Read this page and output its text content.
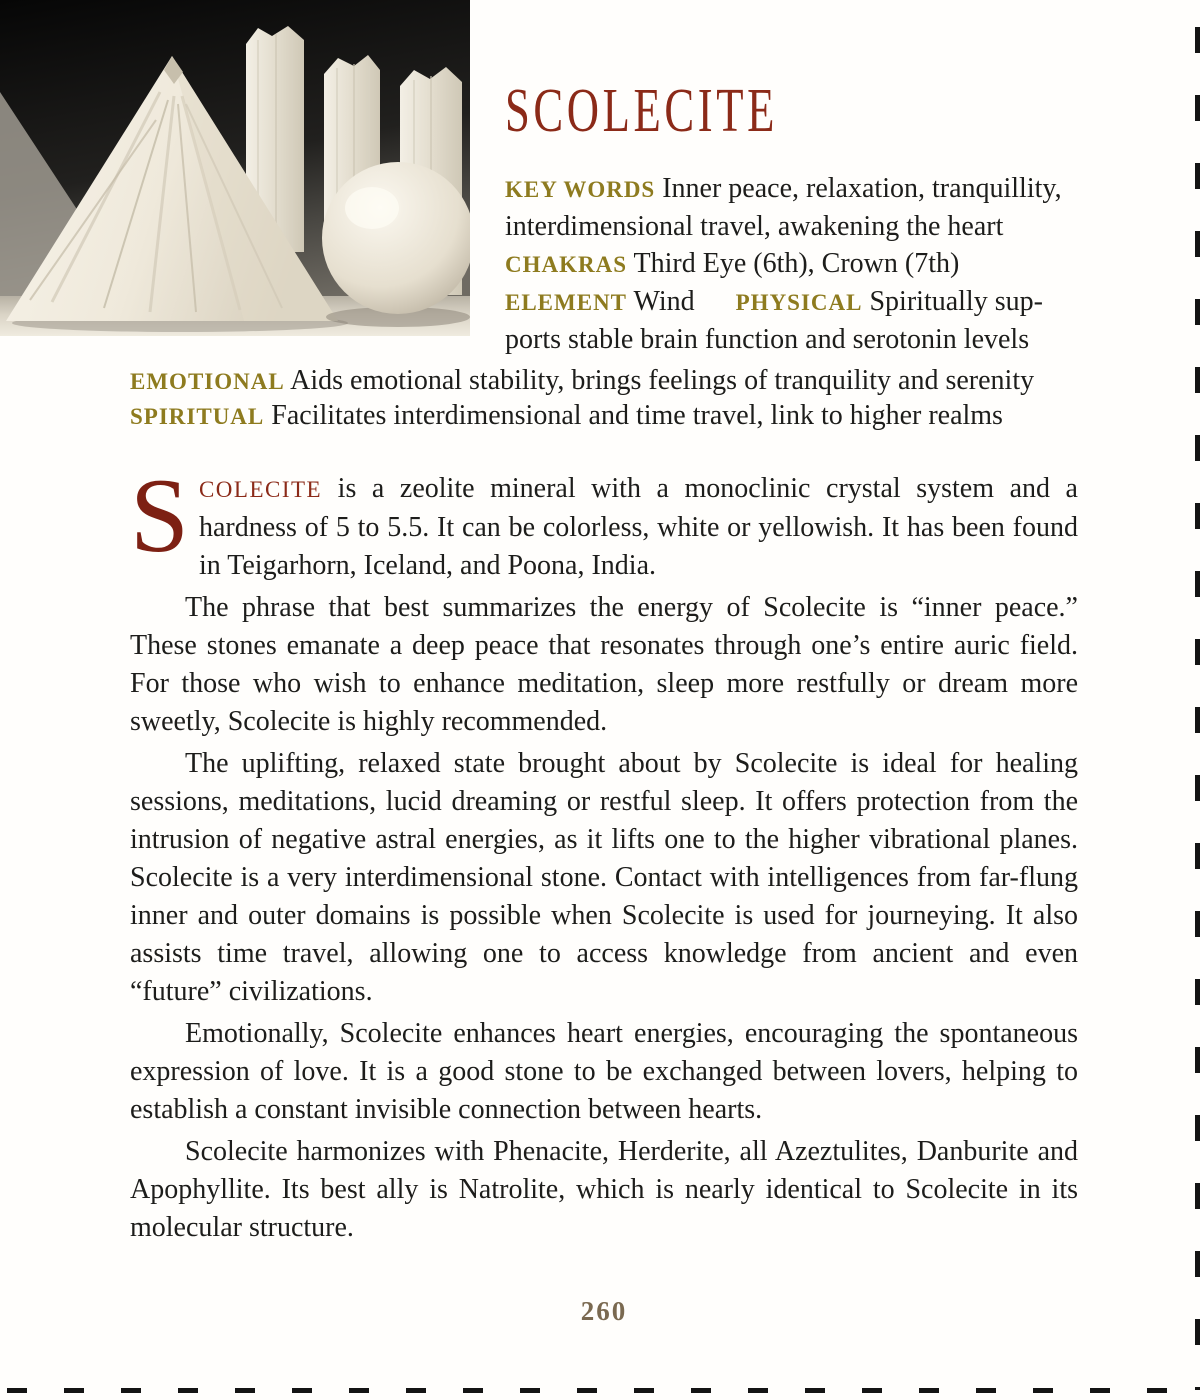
SCOLECITE
KEY WORDS Inner peace, relaxation, tranquillity,
interdimensional travel, awakening the heart
CHAKRAS Third Eye (6th), Crown (7th)
ELEMENT Wind PHYSICAL Spiritually sup-
ports stable brain function and serotonin levels
EMOTIONAL Aids emotional stability, brings feelings of tranquility and serenity
SPIRITUAL Facilitates interdimensional and time travel, link to higher realms

SCOLECITE is a zeolite mineral with a monoclinic crystal system and a hardness of 5 to 5.5. It can be colorless, white or yellowish. It has been found in Teigarhorn, Iceland, and Poona, India.

The phrase that best summarizes the energy of Scolecite is “inner peace.” These stones emanate a deep peace that resonates through one’s entire auric field. For those who wish to enhance meditation, sleep more restfully or dream more sweetly, Scolecite is highly recommended.

The uplifting, relaxed state brought about by Scolecite is ideal for healing sessions, meditations, lucid dreaming or restful sleep. It offers protection from the intrusion of negative astral energies, as it lifts one to the higher vibrational planes. Scolecite is a very interdimensional stone. Contact with intelligences from far-flung inner and outer domains is possible when Scolecite is used for journeying. It also assists time travel, allowing one to access knowledge from ancient and even “future” civilizations.

Emotionally, Scolecite enhances heart energies, encouraging the spontaneous expression of love. It is a good stone to be exchanged between lovers, helping to establish a constant invisible connection between hearts.

Scolecite harmonizes with Phenacite, Herderite, all Azeztulites, Danburite and Apophyllite. Its best ally is Natrolite, which is nearly identical to Scolecite in its molecular structure.

260
